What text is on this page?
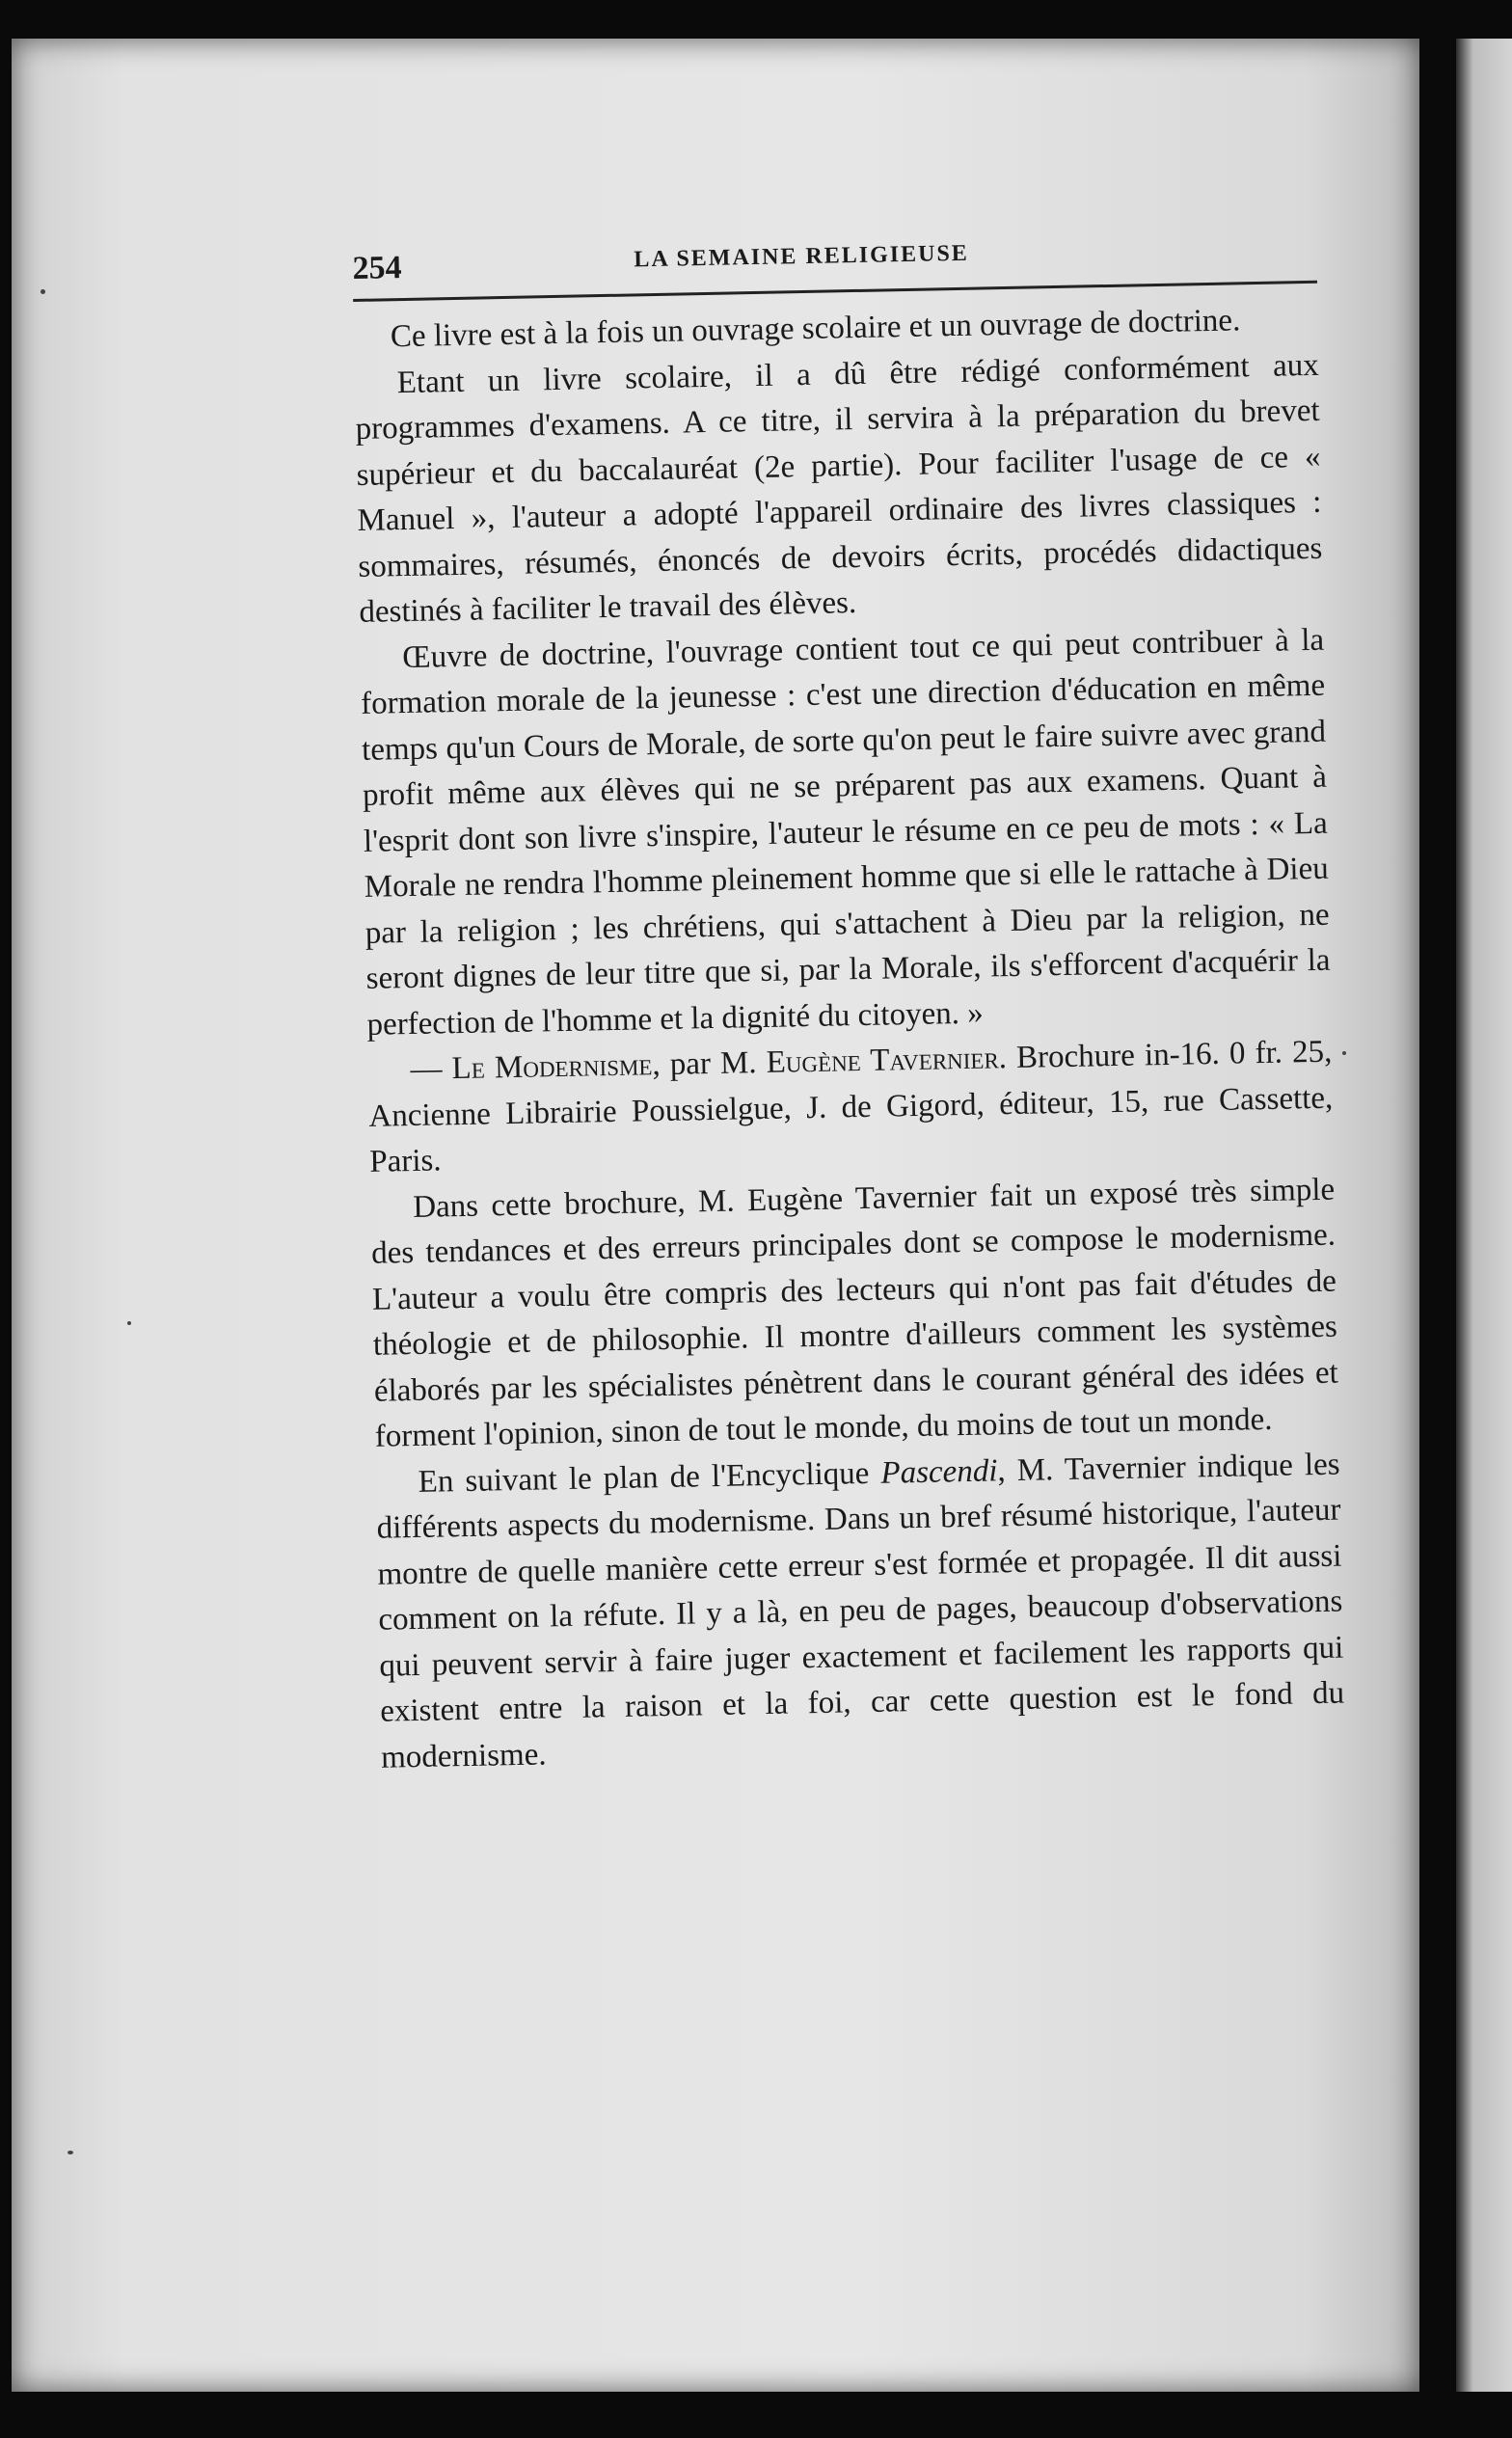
254	LA SEMAINE RELIGIEUSE

Ce livre est à la fois un ouvrage scolaire et un ouvrage de doctrine.

Etant un livre scolaire, il a dû être rédigé conformément aux programmes d'examens. A ce titre, il servira à la préparation du brevet supérieur et du baccalauréat (2e partie). Pour faciliter l'usage de ce « Manuel », l'auteur a adopté l'appareil ordinaire des livres classiques : sommaires, résumés, énoncés de devoirs écrits, procédés didactiques destinés à faciliter le travail des élèves.

Œuvre de doctrine, l'ouvrage contient tout ce qui peut contribuer à la formation morale de la jeunesse : c'est une direction d'éducation en même temps qu'un Cours de Morale, de sorte qu'on peut le faire suivre avec grand profit même aux élèves qui ne se préparent pas aux examens. Quant à l'esprit dont son livre s'inspire, l'auteur le résume en ce peu de mots : « La Morale ne rendra l'homme pleinement homme que si elle le rattache à Dieu par la religion ; les chrétiens, qui s'attachent à Dieu par la religion, ne seront dignes de leur titre que si, par la Morale, ils s'efforcent d'acquérir la perfection de l'homme et la dignité du citoyen. »

— Le Modernisme, par M. Eugène Tavernier. Brochure in-16. 0 fr. 25, Ancienne Librairie Poussielgue, J. de Gigord, éditeur, 15, rue Cassette, Paris.

Dans cette brochure, M. Eugène Tavernier fait un exposé très simple des tendances et des erreurs principales dont se compose le modernisme. L'auteur a voulu être compris des lecteurs qui n'ont pas fait d'études de théologie et de philosophie. Il montre d'ailleurs comment les systèmes élaborés par les spécialistes pénètrent dans le courant général des idées et forment l'opinion, sinon de tout le monde, du moins de tout un monde.

En suivant le plan de l'Encyclique Pascendi, M. Tavernier indique les différents aspects du modernisme. Dans un bref résumé historique, l'auteur montre de quelle manière cette erreur s'est formée et propagée. Il dit aussi comment on la réfute. Il y a là, en peu de pages, beaucoup d'observations qui peuvent servir à faire juger exactement et facilement les rapports qui existent entre la raison et la foi, car cette question est le fond du modernisme.
